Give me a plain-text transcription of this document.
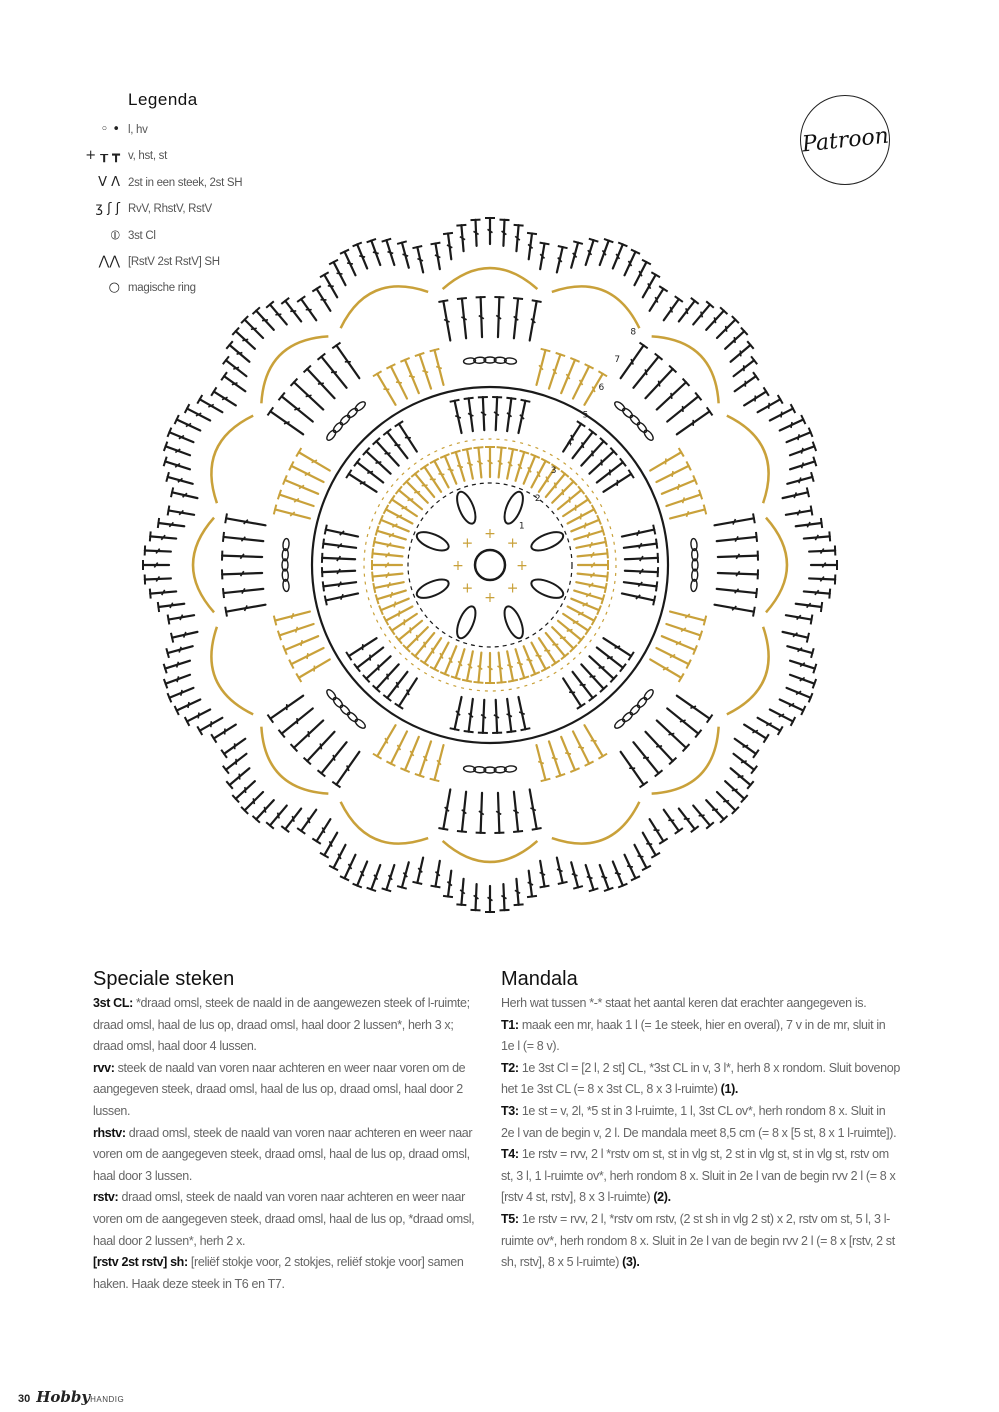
Legenda
◦ • l, hv
+ ┰ ┳ v, hst, st
V Ʌ 2st in een steek, 2st SH
ʒ ʃ ʃ RvV, RhstV, RstV
⦶ 3st Cl
⋀⋀ [RstV 2st RstV] SH
○ magische ring
Patroon
+
+
+
+
+
+
+
+
1
2
3
4
5
6
7
8
Speciale steken

3st CL: *draad omsl, steek de naald in de aangewezen steek of l-ruimte; draad omsl, haal de lus op, draad omsl, haal door 2 lussen*, herh 3 x; draad omsl, haal door 4 lussen.

rvv: steek de naald van voren naar achteren en weer naar voren om de aangegeven steek, draad omsl, haal de lus op, draad omsl, haal door 2 lussen.

rhstv: draad omsl, steek de naald van voren naar achteren en weer naar voren om de aangegeven steek, draad omsl, haal de lus op, draad omsl, haal door 3 lussen.

rstv: draad omsl, steek de naald van voren naar achteren en weer naar voren om de aangegeven steek, draad omsl, haal de lus op, *draad omsl, haal door 2 lussen*, herh 2 x.

[rstv 2st rstv] sh: [reliëf stokje voor, 2 stokjes, reliëf stokje voor] samen haken. Haak deze steek in T6 en T7.

Mandala

Herh wat tussen *-* staat het aantal keren dat erachter aangegeven is.

T1: maak een mr, haak 1 l (= 1e steek, hier en overal), 7 v in de mr, sluit in 1e l (= 8 v).

T2: 1e 3st Cl = [2 l, 2 st] CL, *3st CL in v, 3 l*, herh 8 x rondom. Sluit bovenop het 1e 3st CL (= 8 x 3st CL, 8 x 3 l-ruimte) (1).

T3: 1e st = v, 2l, *5 st in 3 l-ruimte, 1 l, 3st CL ov*, herh rondom 8 x. Sluit in 2e l van de begin v, 2 l. De mandala meet 8,5 cm (= 8 x [5 st, 8 x 1 l-ruimte]).

T4: 1e rstv = rvv, 2 l *rstv om st, st in vlg st, 2 st in vlg st, st in vlg st, rstv om st, 3 l, 1 l-ruimte ov*, herh rondom 8 x. Sluit in 2e l van de begin rvv 2 l (= 8 x [rstv 4 st, rstv], 8 x 3 l-ruimte) (2).

T5: 1e rstv = rvv, 2 l, *rstv om rstv, (2 st sh in vlg 2 st) x 2, rstv om st, 5 l, 3 l-ruimte ov*, herh rondom 8 x. Sluit in 2e l van de begin rvv 2 l (= 8 x [rstv, 2 st sh, rstv], 8 x 5 l-ruimte) (3).

30 HobbyHANDIG
